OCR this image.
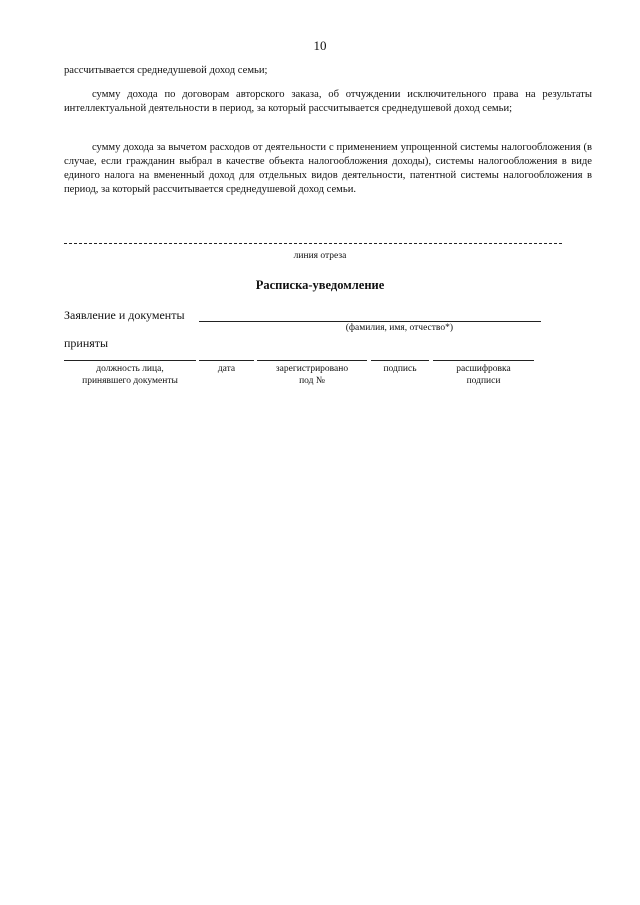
10
рассчитывается среднедушевой доход семьи;
сумму дохода по договорам авторского заказа, об отчуждении исключительного права на результаты интеллектуальной деятельности в период, за который рассчитывается среднедушевой доход семьи;
сумму дохода за вычетом расходов от деятельности с применением упрощенной системы налогообложения (в случае, если гражданин выбрал в качестве объекта налогообложения доходы), системы налогообложения в виде единого налога на вмененный доход для отдельных видов деятельности, патентной системы налогообложения в период, за который рассчитывается среднедушевой доход семьи.
линия отреза
Расписка-уведомление
Заявление и документы
(фамилия, имя, отчество*)
приняты
должность лица,
принявшего документы
дата	зарегистрировано
под №
подпись	расшифровка
подписи
